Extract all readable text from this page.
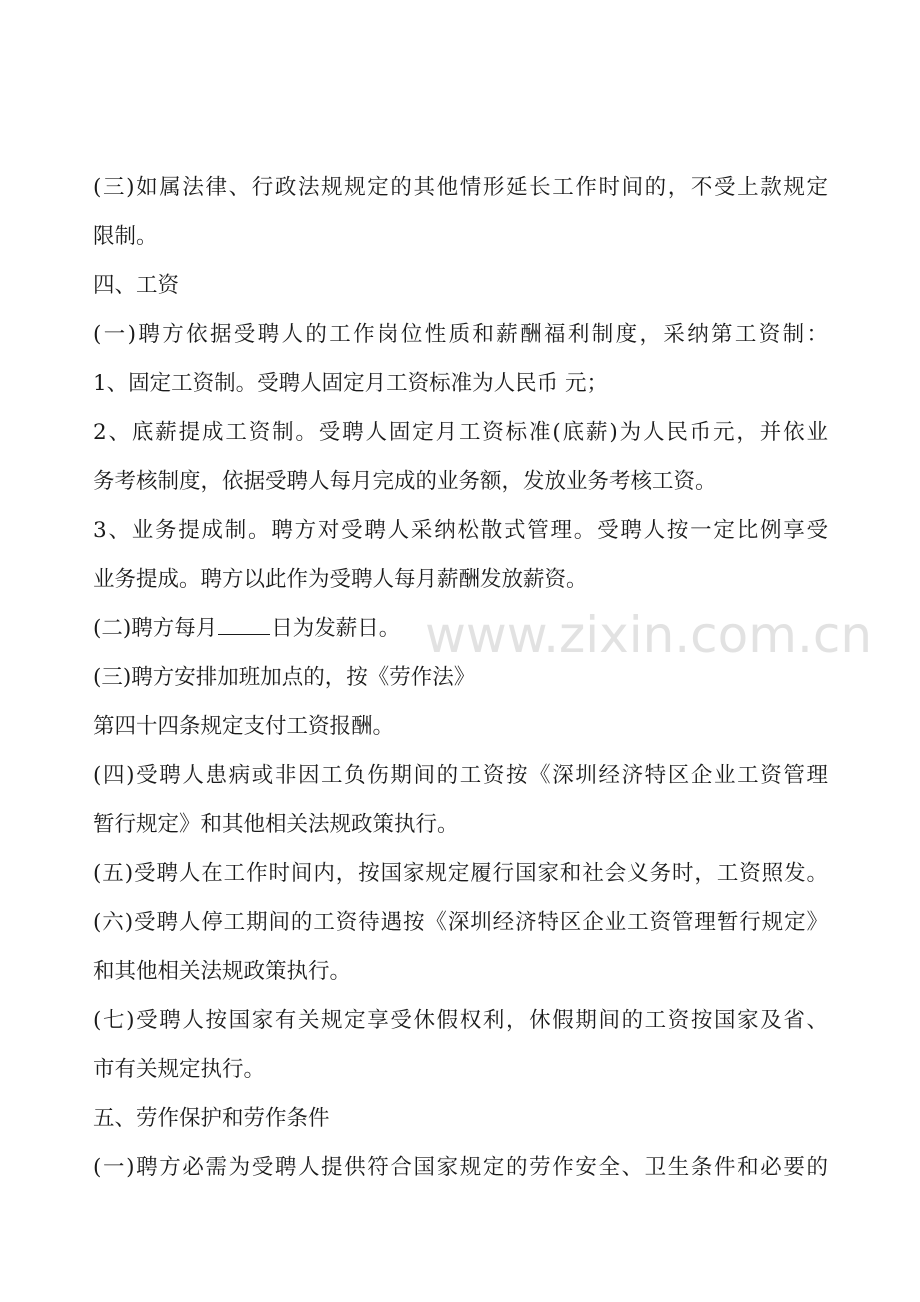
(三)如属法律、行政法规规定的其他情形延长工作时间的，不受上款规定
限制。
四、工资
(一)聘方依据受聘人的工作岗位性质和薪酬福利制度，采纳第工资制：
1、固定工资制。受聘人固定月工资标准为人民币 元；
2、底薪提成工资制。受聘人固定月工资标准(底薪)为人民币元，并依业
务考核制度，依据受聘人每月完成的业务额，发放业务考核工资。
3、业务提成制。聘方对受聘人采纳松散式管理。受聘人按一定比例享受
业务提成。聘方以此作为受聘人每月薪酬发放薪资。
(二)聘方每月	日为发薪日。
(三)聘方安排加班加点的，按《劳作法》
第四十四条规定支付工资报酬。
(四)受聘人患病或非因工负伤期间的工资按《深圳经济特区企业工资管理
暂行规定》和其他相关法规政策执行。
(五)受聘人在工作时间内，按国家规定履行国家和社会义务时，工资照发。
(六)受聘人停工期间的工资待遇按《深圳经济特区企业工资管理暂行规定》
和其他相关法规政策执行。
(七)受聘人按国家有关规定享受休假权利，休假期间的工资按国家及省、
市有关规定执行。
五、劳作保护和劳作条件
(一)聘方必需为受聘人提供符合国家规定的劳作安全、卫生条件和必要的
www.zixin.com.cn
